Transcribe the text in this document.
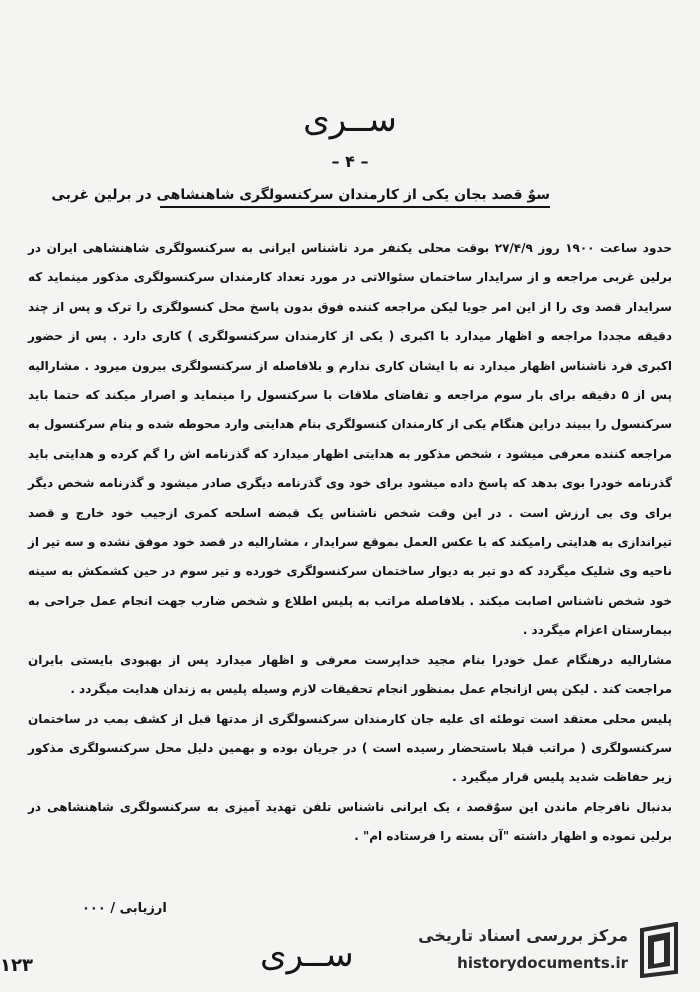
ســری
– ۴ –
سوٌ قصد بجان یکی از کارمندان سرکنسولگری شاهنشاهی در برلین غربی

حدود ساعت ۱۹۰۰ روز ۲۷/۴/۹ بوقت محلی یکنفر مرد ناشناس ایرانی به سرکنسولگری شاهنشاهی ایران در برلین غربی مراجعه و از سرایدار ساختمان سئوالاتی در مورد تعداد کارمندان سرکنسولگری مذکور مینماید که سرایدار قصد وی را از این امر جویا لیکن مراجعه کننده فوق بدون پاسخ محل کنسولگری را ترک و پس از چند دقیقه مجددا مراجعه و اظهار میدارد با اکبری ( یکی از کارمندان سرکنسولگری ) کاری دارد . پس از حضور اکبری فرد ناشناس اظهار میدارد نه با ایشان کاری ندارم و بلافاصله از سرکنسولگری بیرون میرود . مشارالیه پس از ۵ دقیقه برای بار سوم مراجعه و تقاضای ملاقات با سرکنسول را مینماید و اصرار میکند که حتما باید سرکنسول را ببیند دراین هنگام یکی از کارمندان کنسولگری بنام هدایتی وارد محوطه شده و بنام سرکنسول به مراجعه کننده معرفی میشود ، شخص مذکور به هدایتی اظهار میدارد که گذرنامه اش را گم کرده و هدایتی باید گذرنامه خودرا بوی بدهد که پاسخ داده میشود برای خود وی گذرنامه دیگری صادر میشود و گذرنامه شخص دیگر برای وی بی ارزش است . در این وقت شخص ناشناس یک قبضه اسلحه کمری ازجیب خود خارج و قصد تیراندازی به هدایتی رامیکند که با عکس العمل بموقع سرایدار ، مشارالیه در قصد خود موفق نشده و سه تیر از ناحیه وی شلیک میگردد که دو تیر به دیوار ساختمان سرکنسولگری خورده و تیر سوم در حین کشمکش به سینه خود شخص ناشناس اصابت میکند . بلافاصله مراتب به پلیس اطلاع و شخص ضارب جهت انجام عمل جراحی به بیمارستان اعزام میگردد .

مشارالیه درهنگام عمل خودرا بنام مجید خداپرست معرفی و اظهار میدارد پس از بهبودی بایستی بایران مراجعت کند . لیکن پس ازانجام عمل بمنظور انجام تحقیقات لازم وسیله پلیس به زندان هدایت میگردد .

پلیس محلی معتقد است توطئه ای علیه جان کارمندان سرکنسولگری از مدتها قبل از کشف بمب در ساختمان سرکنسولگری ( مراتب قبلا باستحضار رسیده است ) در جریان بوده و بهمین دلیل محل سرکنسولگری مذکور زیر حفاظت شدید پلیس قرار میگیرد .

بدنبال نافرجام ماندن این سوٌقصد ، یک ایرانی ناشناس تلفن تهدید آمیزی به سرکنسولگری شاهنشاهی در برلین نموده و اظهار داشته "آن بسته را فرستاده ام" .

ارزیابی / ۰۰۰
۱۲۳	ســری	مرکز بررسی اسناد تاریخی
historydocuments.ir
